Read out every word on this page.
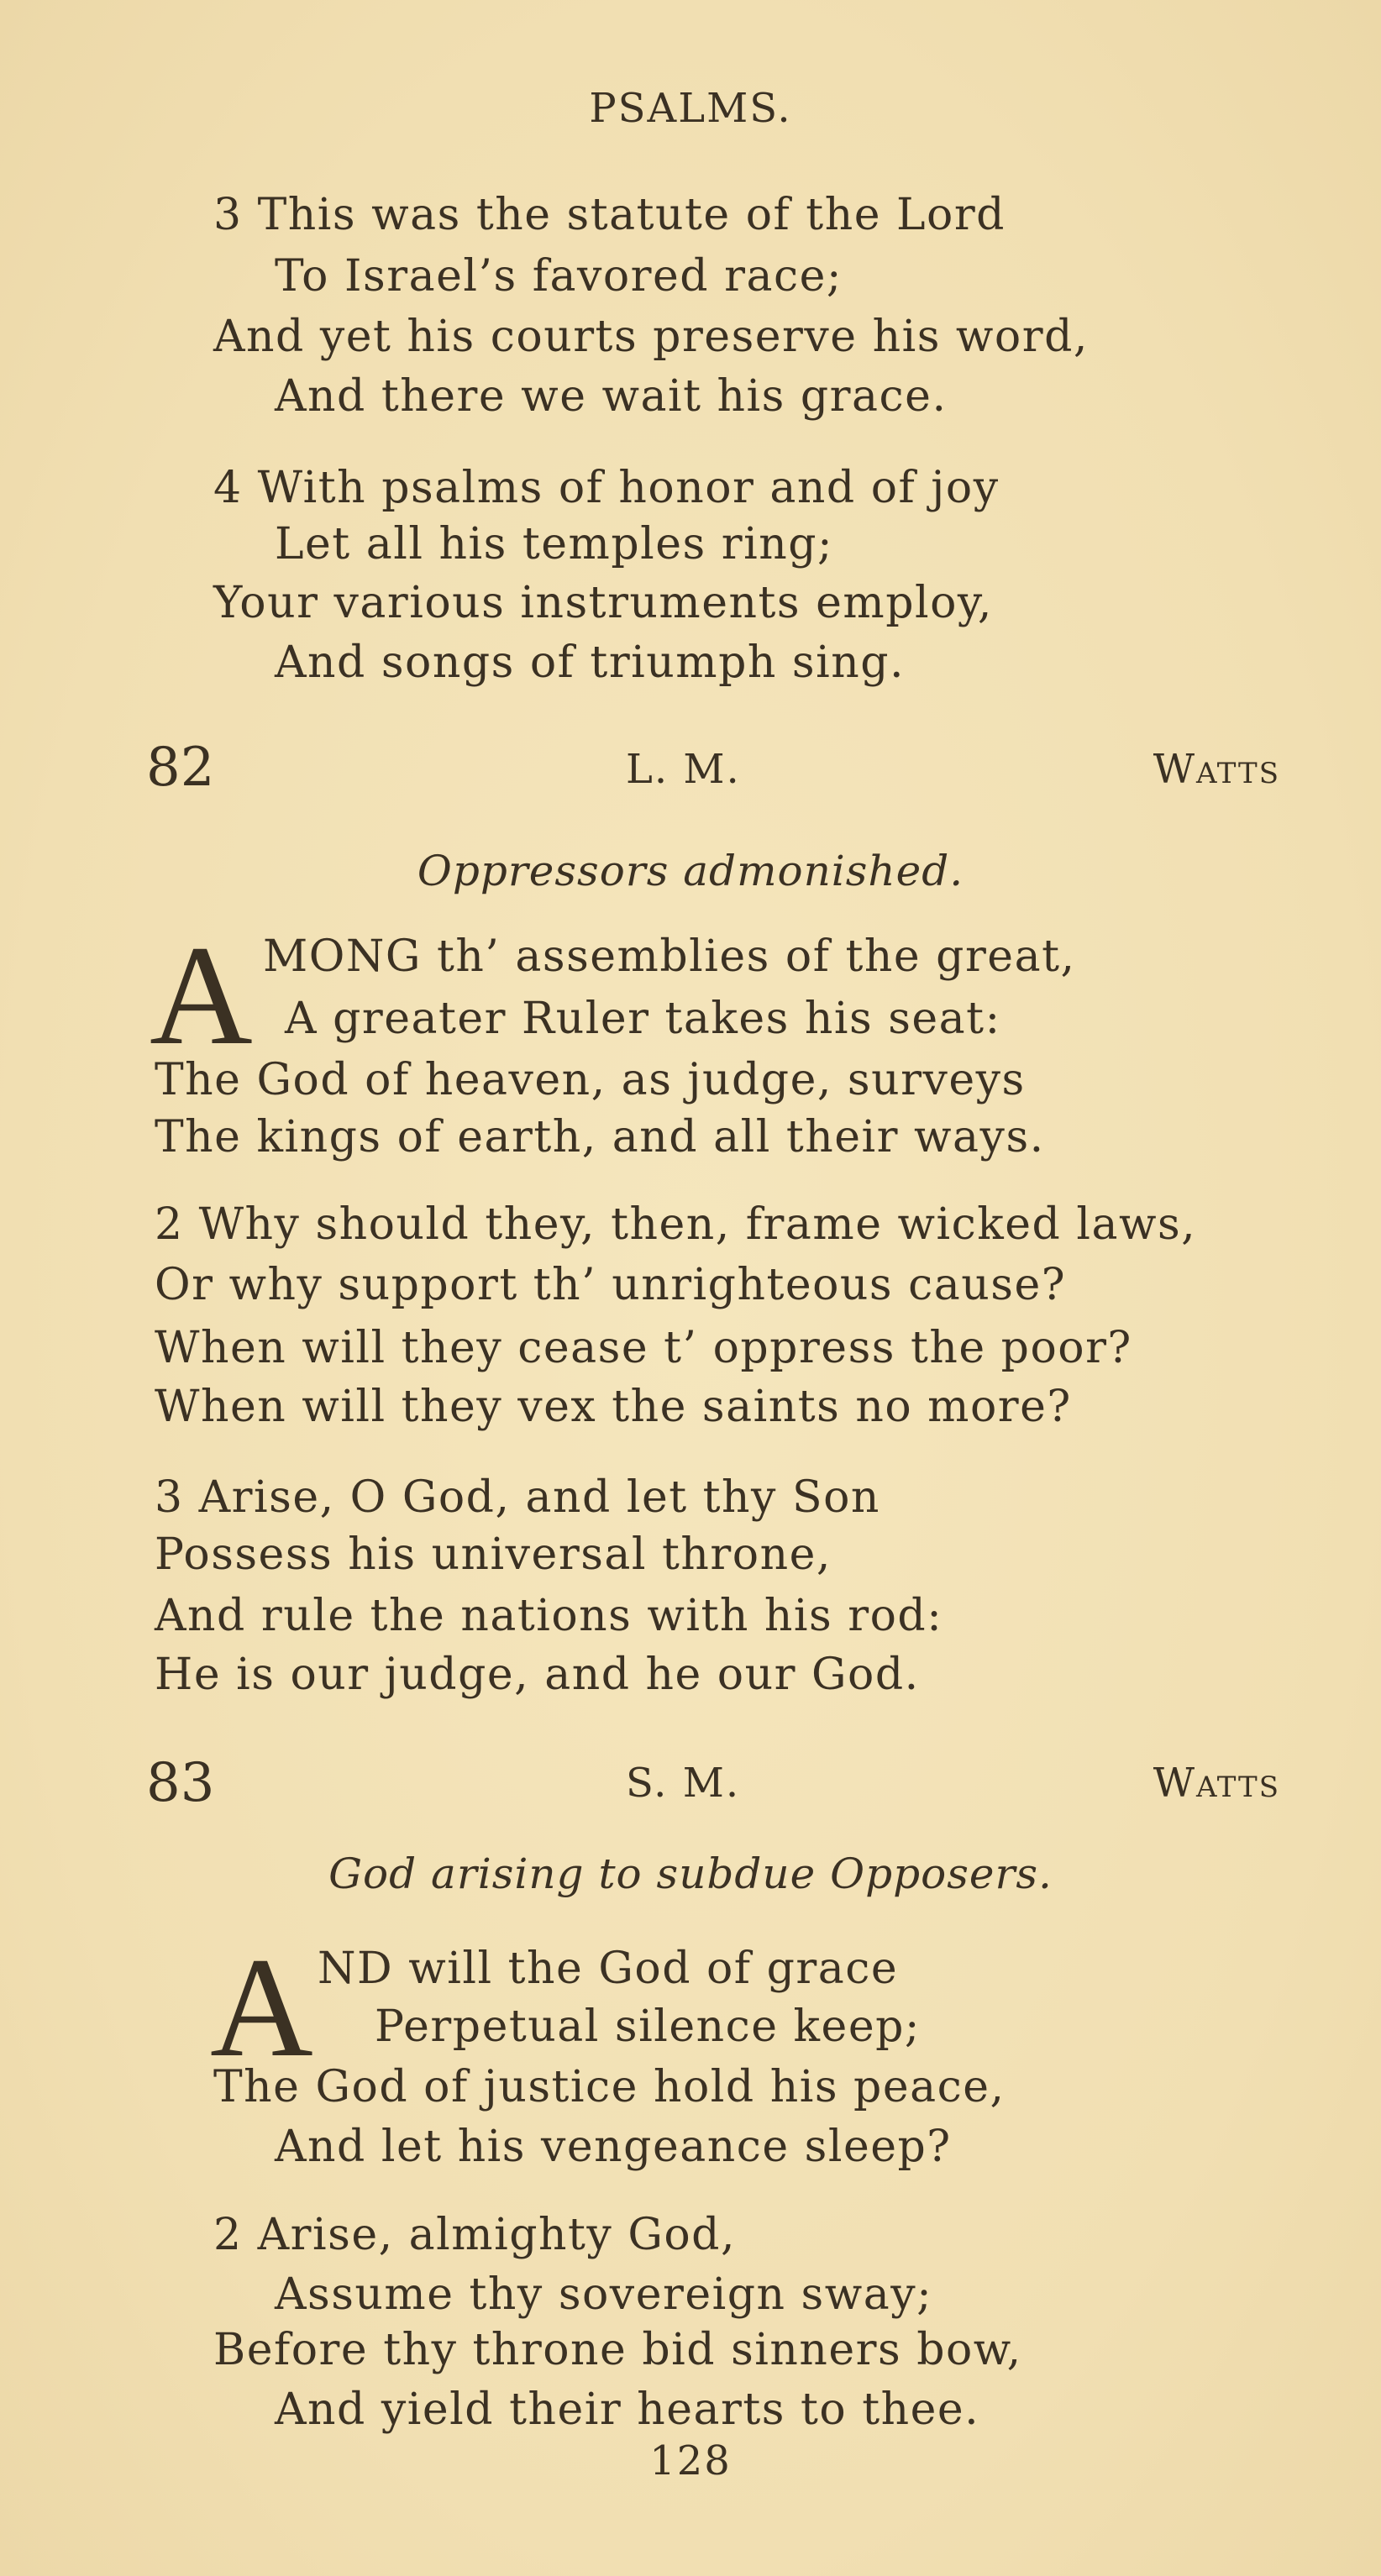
PSALMS.
3 This was the statute of the Lord
To Israel’s favored race;
And yet his courts preserve his word,
And there we wait his grace.
4 With psalms of honor and of joy
Let all his temples ring;
Your various instruments employ,
And songs of triumph sing.
82	L. M.	Watts
Oppressors admonished.
A MONG th’ assemblies of the great,
A greater Ruler takes his seat:
The God of heaven, as judge, surveys
The kings of earth, and all their ways.
2 Why should they, then, frame wicked laws,
Or why support th’ unrighteous cause?
When will they cease t’ oppress the poor?
When will they vex the saints no more?
3 Arise, O God, and let thy Son
Possess his universal throne,
And rule the nations with his rod:
He is our judge, and he our God.
83	S. M.	Watts
God arising to subdue Opposers.
A ND will the God of grace
Perpetual silence keep;
The God of justice hold his peace,
And let his vengeance sleep?
2 Arise, almighty God,
Assume thy sovereign sway;
Before thy throne bid sinners bow,
And yield their hearts to thee.
128
